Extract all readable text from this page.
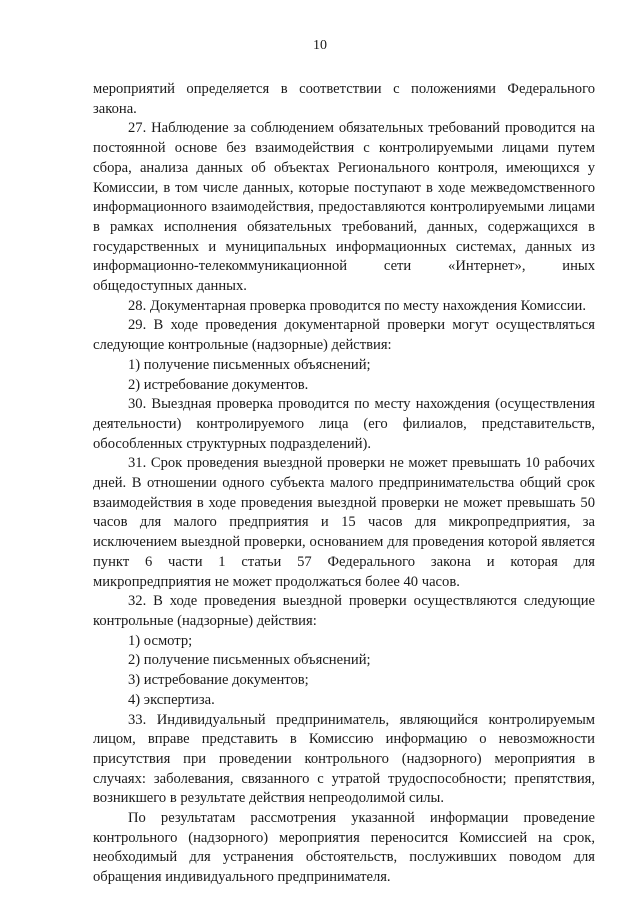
10

мероприятий определяется в соответствии с положениями Федерального закона.

27. Наблюдение за соблюдением обязательных требований проводится на постоянной основе без взаимодействия с контролируемыми лицами путем сбора, анализа данных об объектах Регионального контроля, имеющихся у Комиссии, в том числе данных, которые поступают в ходе межведомственного информационного взаимодействия, предоставляются контролируемыми лицами в рамках исполнения обязательных требований, данных, содержащихся в государственных и муниципальных информационных системах, данных из информационно-телекоммуникационной сети «Интернет», иных общедоступных данных.

28. Документарная проверка проводится по месту нахождения Комиссии.

29. В ходе проведения документарной проверки могут осуществляться следующие контрольные (надзорные) действия:

1) получение письменных объяснений;

2) истребование документов.

30. Выездная проверка проводится по месту нахождения (осуществления деятельности) контролируемого лица (его филиалов, представительств, обособленных структурных подразделений).

31. Срок проведения выездной проверки не может превышать 10 рабочих дней. В отношении одного субъекта малого предпринимательства общий срок взаимодействия в ходе проведения выездной проверки не может превышать 50 часов для малого предприятия и 15 часов для микропредприятия, за исключением выездной проверки, основанием для проведения которой является пункт 6 части 1 статьи 57 Федерального закона и которая для микропредприятия не может продолжаться более 40 часов.

32. В ходе проведения выездной проверки осуществляются следующие контрольные (надзорные) действия:

1) осмотр;

2) получение письменных объяснений;

3) истребование документов;

4) экспертиза.

33. Индивидуальный предприниматель, являющийся контролируемым лицом, вправе представить в Комиссию информацию о невозможности присутствия при проведении контрольного (надзорного) мероприятия в случаях: заболевания, связанного с утратой трудоспособности; препятствия, возникшего в результате действия непреодолимой силы.

По результатам рассмотрения указанной информации проведение контрольного (надзорного) мероприятия переносится Комиссией на срок, необходимый для устранения обстоятельств, послуживших поводом для обращения индивидуального предпринимателя.
